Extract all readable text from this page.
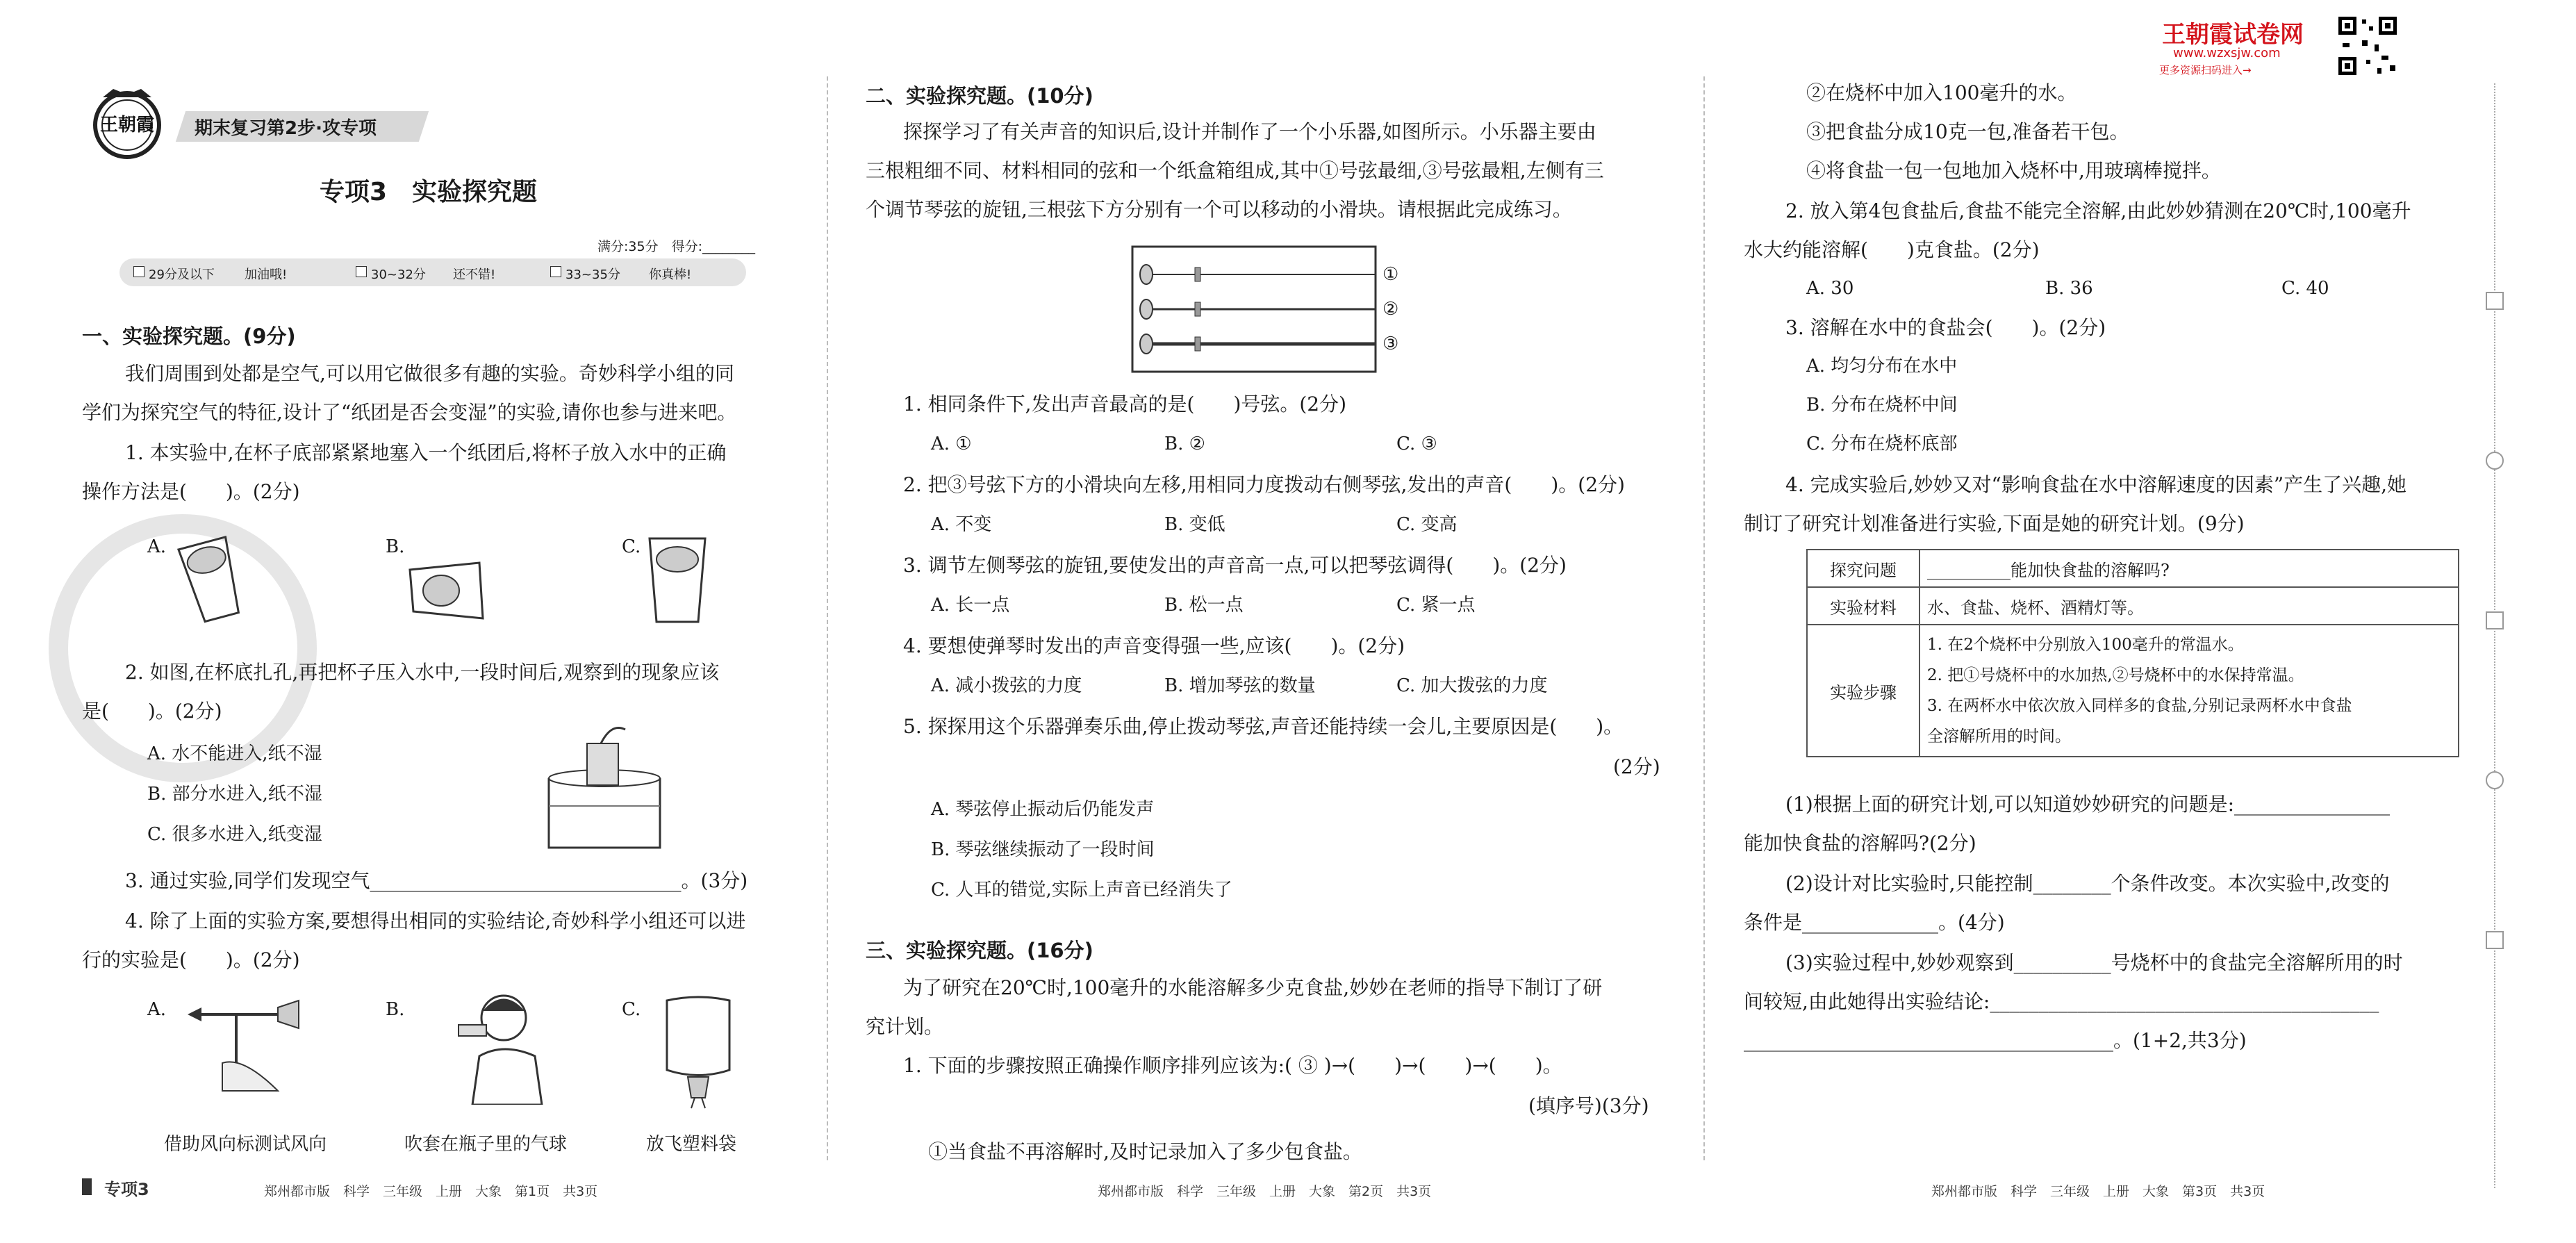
王朝霞 期末复习第2步·攻专项
专项3　实验探究题
满分:35分　得分:________
29分及以下 加油哦!	30~32分 还不错!	33~35分 你真棒!
一、实验探究题。(9分)
我们周围到处都是空气,可以用它做很多有趣的实验。奇妙科学小组的同
学们为探究空气的特征,设计了“纸团是否会变湿”的实验,请你也参与进来吧。
1. 本实验中,在杯子底部紧紧地塞入一个纸团后,将杯子放入水中的正确
操作方法是(　　)。(2分)
A.	B.	C.
2. 如图,在杯底扎孔,再把杯子压入水中,一段时间后,观察到的现象应该
是(　　)。(2分)
A. 水不能进入,纸不湿
B. 部分水进入,纸不湿
C. 很多水进入,纸变湿
3. 通过实验,同学们发现空气________________________________。(3分)
4. 除了上面的实验方案,要想得出相同的实验结论,奇妙科学小组还可以进
行的实验是(　　)。(2分)
A.	B.	C.
借助风向标测试风向	吹套在瓶子里的气球	放飞塑料袋
专项3	郑州都市版　科学　三年级　上册　大象　第1页　共3页
二、实验探究题。(10分)
探探学习了有关声音的知识后,设计并制作了一个小乐器,如图所示。小乐器主要由
三根粗细不同、材料相同的弦和一个纸盒箱组成,其中①号弦最细,③号弦最粗,左侧有三
个调节琴弦的旋钮,三根弦下方分别有一个可以移动的小滑块。请根据此完成练习。
①
②
③
1. 相同条件下,发出声音最高的是(　　)号弦。(2分)
A. ①	B. ②	C. ③
2. 把③号弦下方的小滑块向左移,用相同力度拨动右侧琴弦,发出的声音(　　)。(2分)
A. 不变	B. 变低	C. 变高
3. 调节左侧琴弦的旋钮,要使发出的声音高一点,可以把琴弦调得(　　)。(2分)
A. 长一点	B. 松一点	C. 紧一点
4. 要想使弹琴时发出的声音变得强一些,应该(　　)。(2分)
A. 减小拨弦的力度	B. 增加琴弦的数量	C. 加大拨弦的力度
5. 探探用这个乐器弹奏乐曲,停止拨动琴弦,声音还能持续一会儿,主要原因是(　　)。
(2分)
A. 琴弦停止振动后仍能发声
B. 琴弦继续振动了一段时间
C. 人耳的错觉,实际上声音已经消失了
三、实验探究题。(16分)
为了研究在20℃时,100毫升的水能溶解多少克食盐,妙妙在老师的指导下制订了研
究计划。
1. 下面的步骤按照正确操作顺序排列应该为:( ③ )→(　　)→(　　)→(　　)。
(填序号)(3分)
①当食盐不再溶解时,及时记录加入了多少包食盐。
郑州都市版　科学　三年级　上册　大象　第2页　共3页
②在烧杯中加入100毫升的水。
③把食盐分成10克一包,准备若干包。
④将食盐一包一包地加入烧杯中,用玻璃棒搅拌。
2. 放入第4包食盐后,食盐不能完全溶解,由此妙妙猜测在20℃时,100毫升
水大约能溶解(　　)克食盐。(2分)
A. 30	B. 36	C. 40
3. 溶解在水中的食盐会(　　)。(2分)
A. 均匀分布在水中
B. 分布在烧杯中间
C. 分布在烧杯底部
4. 完成实验后,妙妙又对“影响食盐在水中溶解速度的因素”产生了兴趣,她
制订了研究计划准备进行实验,下面是她的研究计划。(9分)
探究问题	__________能加快食盐的溶解吗?
实验材料	水、食盐、烧杯、酒精灯等。
实验步骤	1. 在2个烧杯中分别放入100毫升的常温水。
2. 把①号烧杯中的水加热,②号烧杯中的水保持常温。
3. 在两杯水中依次放入同样多的食盐,分别记录两杯水中食盐
全溶解所用的时间。
(1)根据上面的研究计划,可以知道妙妙研究的问题是:________________
能加快食盐的溶解吗?(2分)
(2)设计对比实验时,只能控制________个条件改变。本次实验中,改变的
条件是______________。(4分)
(3)实验过程中,妙妙观察到__________号烧杯中的食盐完全溶解所用的时
间较短,由此她得出实验结论:________________________________________
______________________________________。(1+2,共3分)
郑州都市版　科学　三年级　上册　大象　第3页　共3页
王朝霞试卷网
www.wzxsjw.com
更多资源扫码进入→
